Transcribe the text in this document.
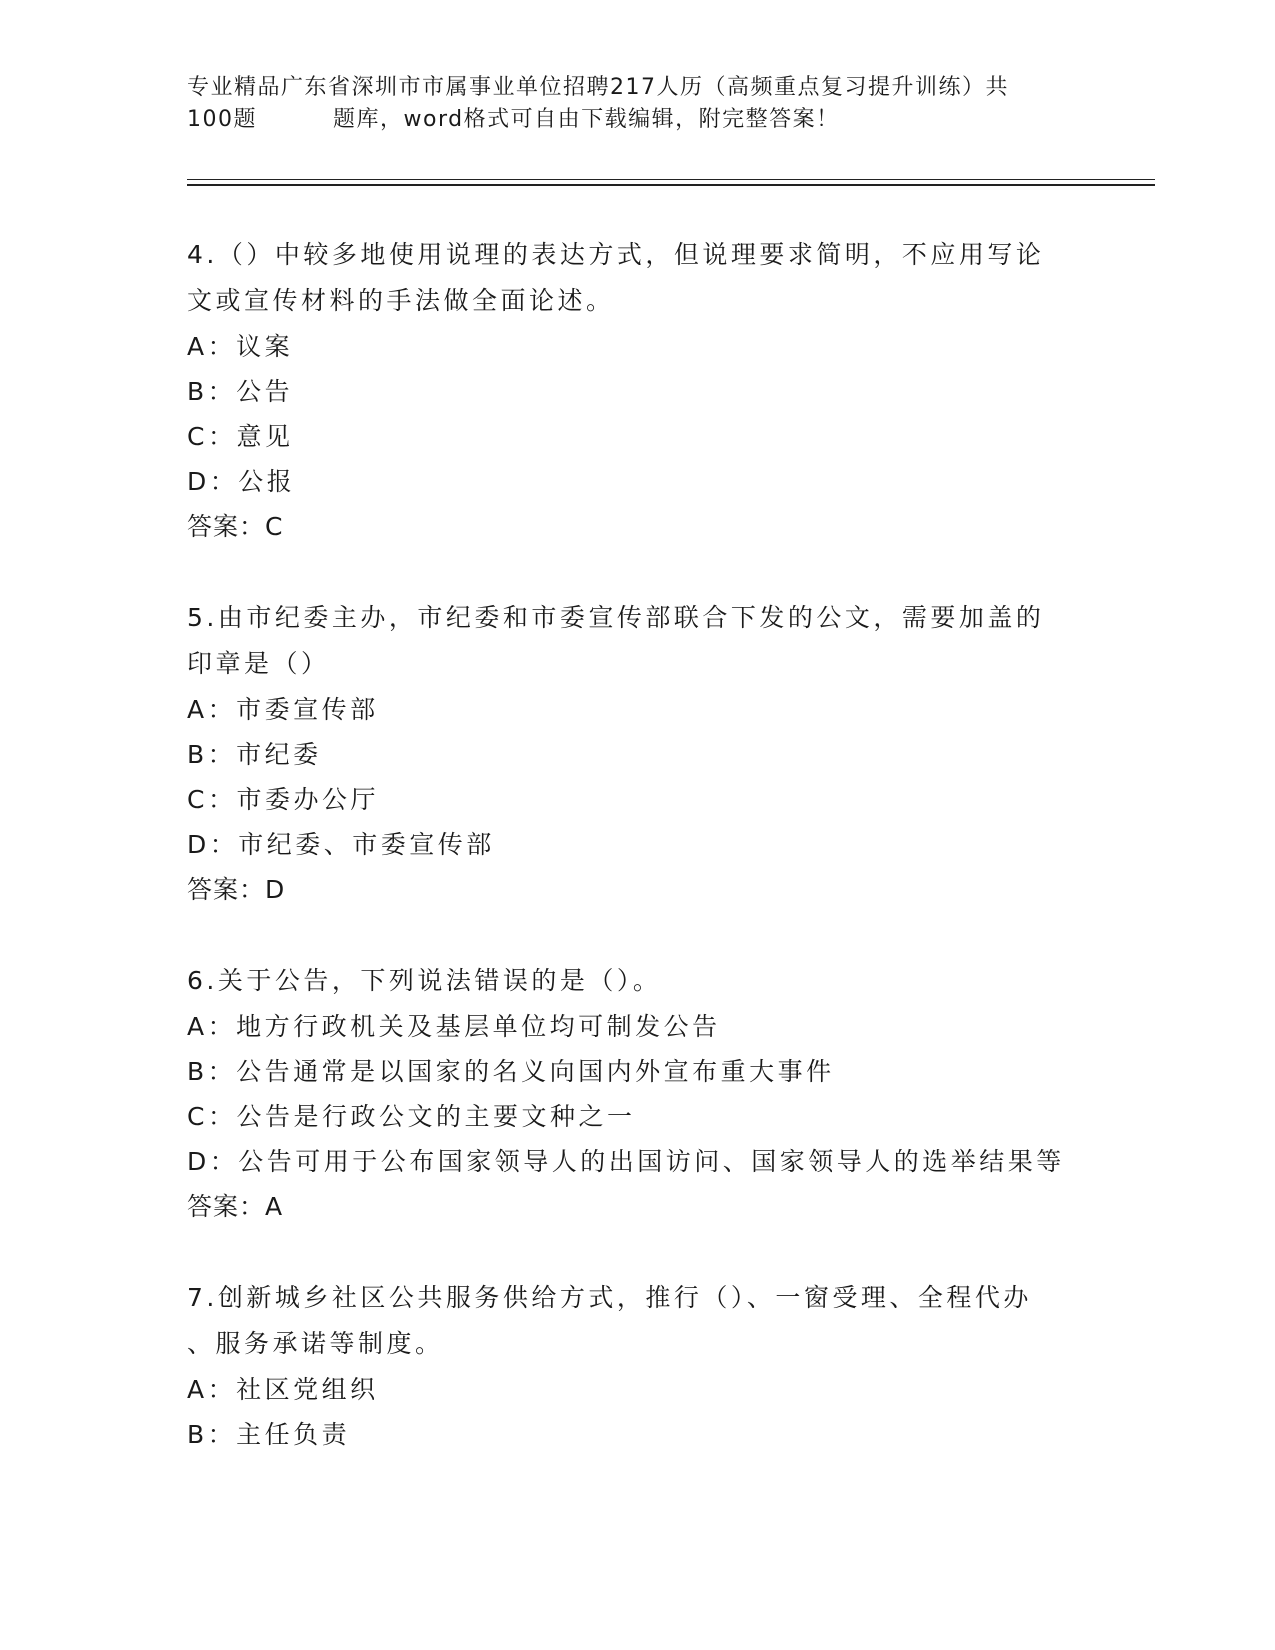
专业精品广东省深圳市市属事业单位招聘217人历（高频重点复习提升训练）共
100题	题库，word格式可自由下载编辑，附完整答案！
4.（）中较多地使用说理的表达方式，但说理要求简明，不应用写论
文或宣传材料的手法做全面论述。
A：议案
B：公告
C：意见
D：公报
答案：C
5.由市纪委主办，市纪委和市委宣传部联合下发的公文，需要加盖的
印章是（）
A：市委宣传部
B：市纪委
C：市委办公厅
D：市纪委、市委宣传部
答案：D
6.关于公告，下列说法错误的是（）。
A：地方行政机关及基层单位均可制发公告
B：公告通常是以国家的名义向国内外宣布重大事件
C：公告是行政公文的主要文种之一
D：公告可用于公布国家领导人的出国访问、国家领导人的选举结果等
答案：A
7.创新城乡社区公共服务供给方式，推行（）、一窗受理、全程代办
、服务承诺等制度。
A：社区党组织
B：主任负责
